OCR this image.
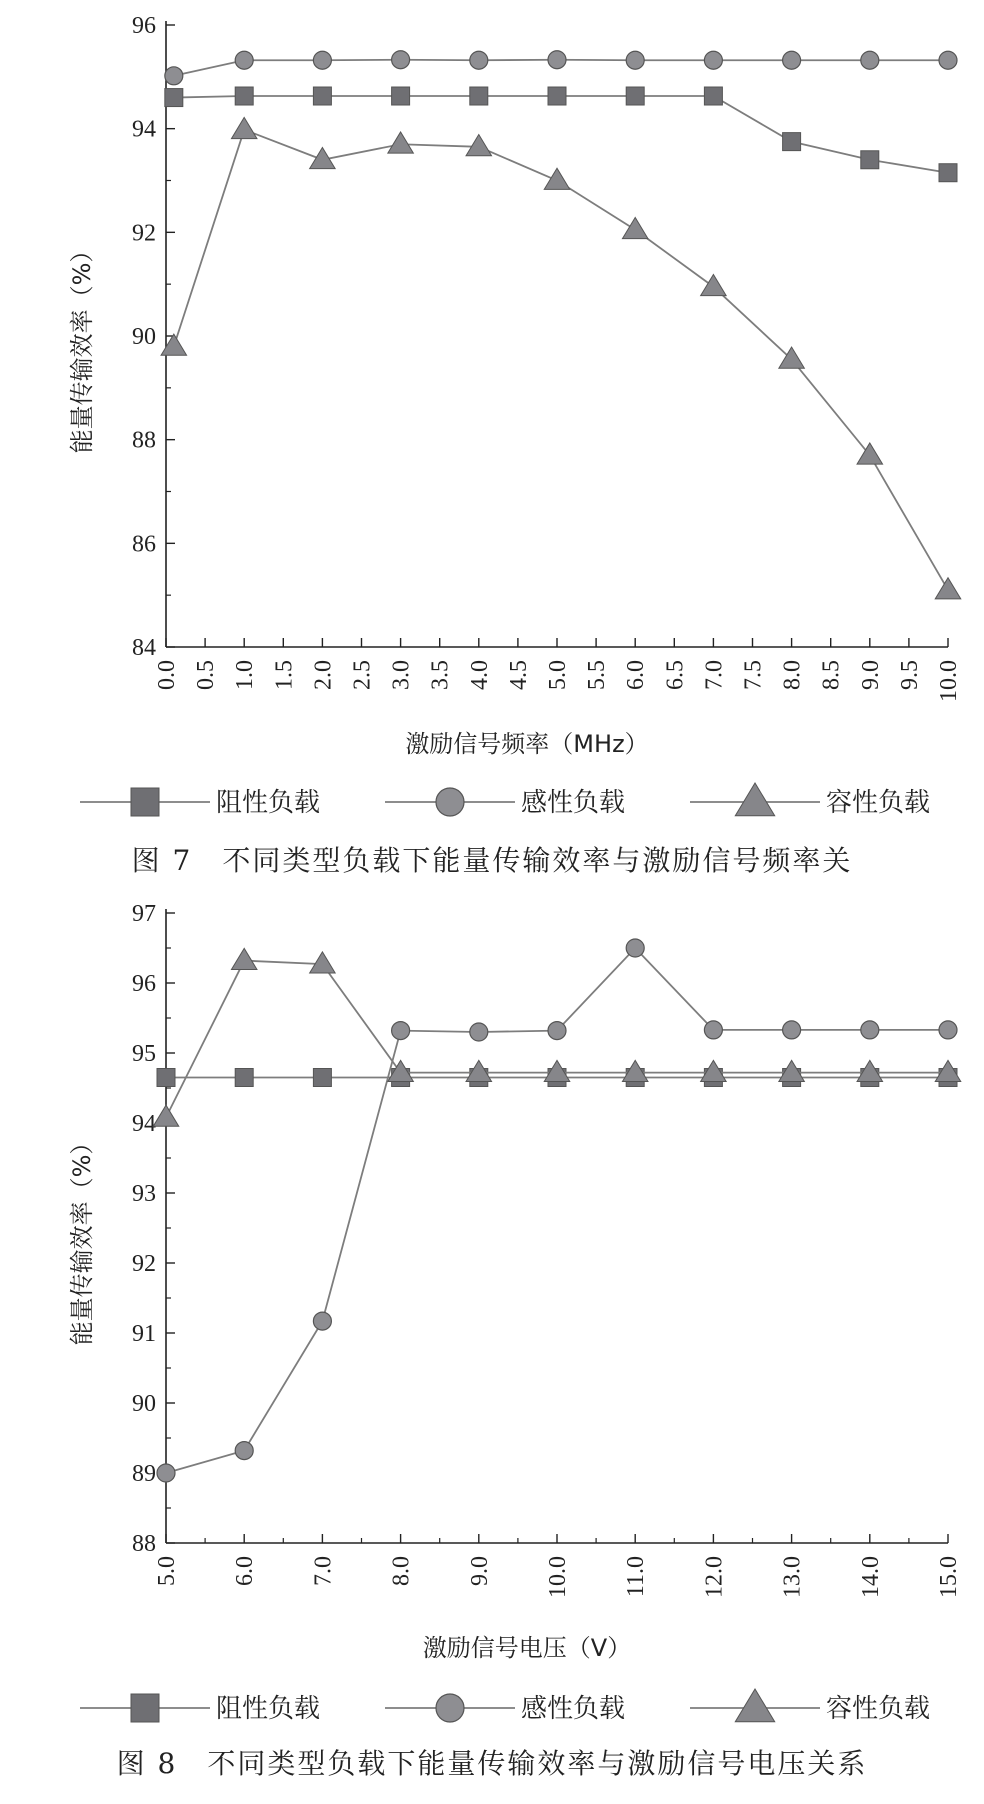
84
86
88
90
92
94
96
0.0 0.5 1.0 1.5 2.0 2.5 3.0 3.5 4.0 4.5 5.0 5.5 6.0 6.5 7.0 7.5 8.0 8.5 9.0 9.5 10.0
激励信号频率（MHz）
能量传输效率（%）
阻性负载	感性负载	容性负载
图 7　不同类型负载下能量传输效率与激励信号频率关
88
89
90
91
92
93
94
95
96
97
5.0 6.0 7.0 8.0 9.0 10.0 11.0 12.0 13.0 14.0 15.0
激励信号电压（V）
能量传输效率（%）
阻性负载	感性负载	容性负载
图 8　不同类型负载下能量传输效率与激励信号电压关系
